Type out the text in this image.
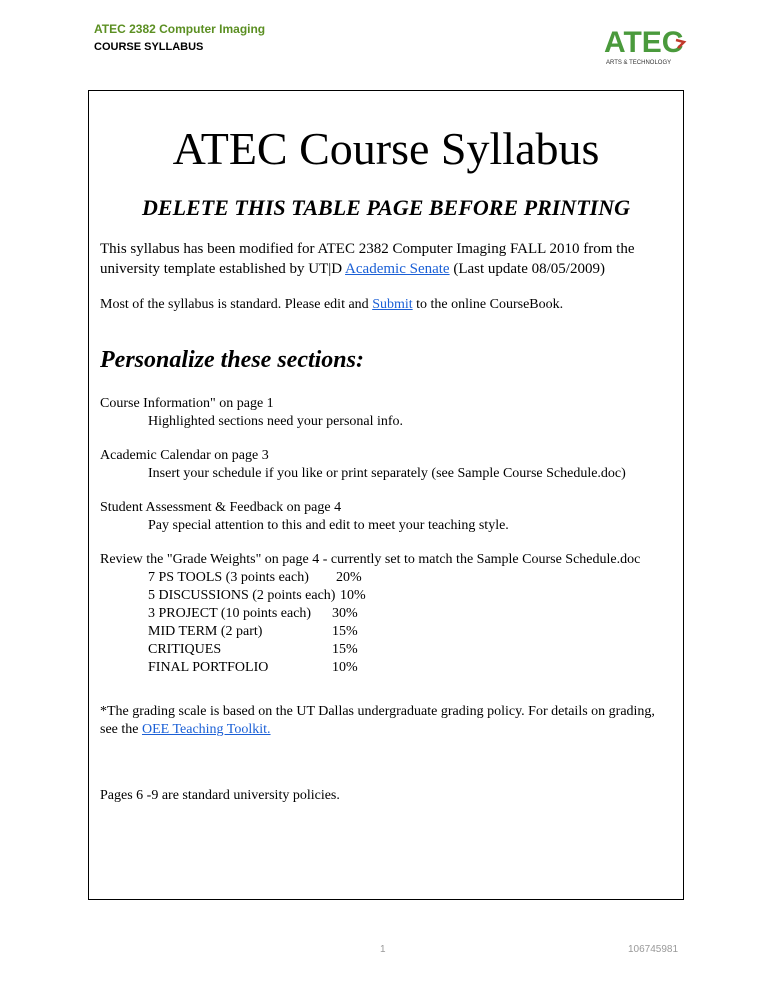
ATEC 2382 Computer Imaging
COURSE SYLLABUS	ATEC
ARTS & TECHNOLOGY
ATEC Course Syllabus
DELETE THIS TABLE PAGE BEFORE PRINTING
This syllabus has been modified for ATEC 2382 Computer Imaging FALL 2010 from the university template established by UT|D Academic Senate (Last update 08/05/2009)
Most of the syllabus is standard. Please edit and Submit to the online CourseBook.
Personalize these sections:
Course Information" on page 1
Highlighted sections need your personal info.
Academic Calendar on page 3
Insert your schedule if you like or print separately (see Sample Course Schedule.doc)
Student Assessment & Feedback on page 4
Pay special attention to this and edit to meet your teaching style.
Review the "Grade Weights" on page 4 - currently set to match the Sample Course Schedule.doc
7 PS TOOLS (3 points each) 20%
5 DISCUSSIONS (2 points each) 10%
3 PROJECT (10 points each) 30%
MID TERM (2 part)	15%
CRITIQUES	15%
FINAL PORTFOLIO	10%
*The grading scale is based on the UT Dallas undergraduate grading policy. For details on grading, see the OEE Teaching Toolkit.
Pages 6 -9 are standard university policies.
1	106745981
